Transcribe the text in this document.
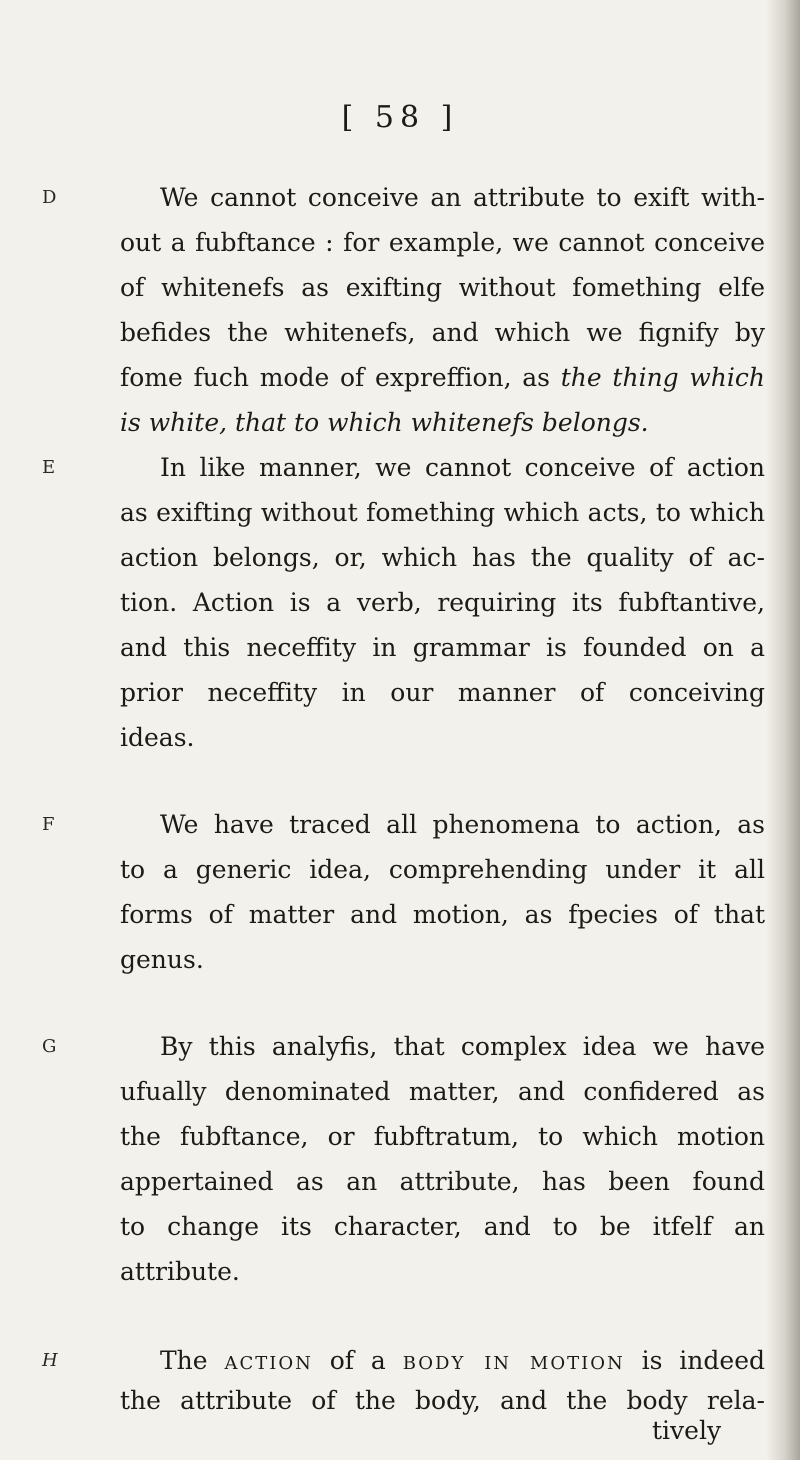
[ 58 ]
D	We cannot conceive an attribute to exift with-
out a fubftance : for example, we cannot conceive
of whitenefs as exifting without fomething elfe
befides the whitenefs, and which we fignify by
fome fuch mode of expreffion, as the thing which
is white, that to which whitenefs belongs.
E	In like manner, we cannot conceive of action
as exifting without fomething which acts, to which
action belongs, or, which has the quality of ac-
tion. Action is a verb, requiring its fubftantive,
and this neceffity in grammar is founded on a
prior neceffity in our manner of conceiving
ideas.
F	We have traced all phenomena to action, as
to a generic idea, comprehending under it all
forms of matter and motion, as fpecies of that
genus.
G	By this analyfis, that complex idea we have
ufually denominated matter, and confidered as
the fubftance, or fubftratum, to which motion
appertained as an attribute, has been found
to change its character, and to be itfelf an
attribute.
H	The action of a body in motion is indeed
the attribute of the body, and the body rela-
tively
